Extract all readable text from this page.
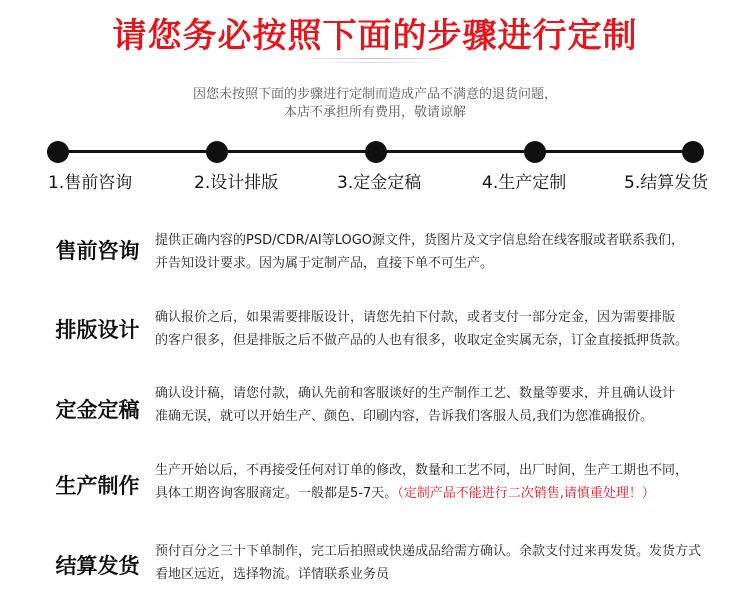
请您务必按照下面的步骤进行定制
因您未按照下面的步骤进行定制而造成产品不满意的退货问题，
本店不承担所有费用，敬请谅解
1.售前咨询	2.设计排版	3.定金定稿	4.生产定制	5.结算发货
售前咨询	提供正确内容的PSD/CDR/AI等LOGO源文件，货图片及文字信息给在线客服或者联系我们，
并告知设计要求。因为属于定制产品，直接下单不可生产。
排版设计
确认报价之后，如果需要排版设计，请您先拍下付款，或者支付一部分定金，因为需要排版
的客户很多，但是排版之后不做产品的人也有很多，收取定金实属无奈，订金直接抵押货款。
定金定稿
确认设计稿，请您付款，确认先前和客服谈好的生产制作工艺、数量等要求，并且确认设计
准确无误，就可以开始生产、颜色、印刷内容，告诉我们客服人员,我们为您准确报价。
生产制作
生产开始以后，不再接受任何对订单的修改，数量和工艺不同，出厂时间，生产工期也不同，
具体工期咨询客服商定。一般都是5-7天。（定制产品不能进行二次销售,请慎重处理！）
结算发货
预付百分之三十下单制作，完工后拍照或快递成品给需方确认。余款支付过来再发货。发货方式
看地区远近，选择物流。详情联系业务员
